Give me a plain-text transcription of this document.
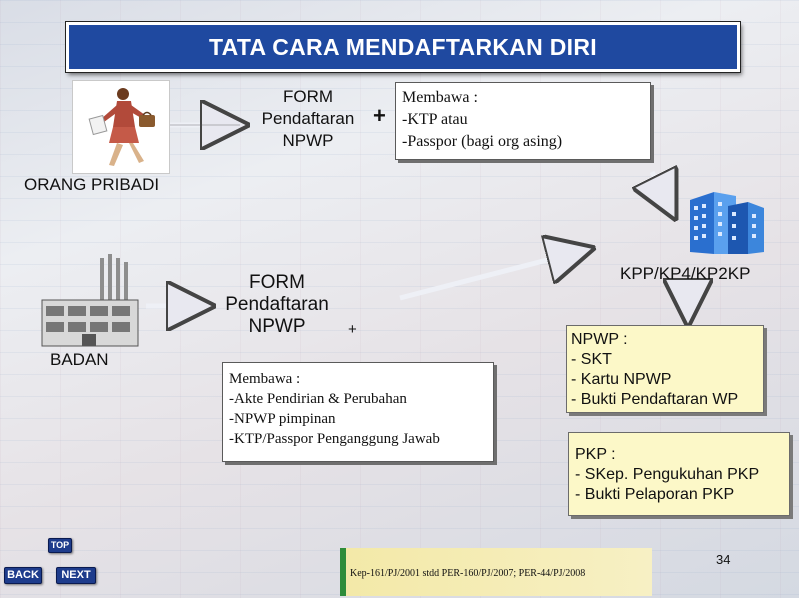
TATA CARA MENDAFTARKAN DIRI
FORM
Pendaftaran
NPWP
+
Membawa :
-KTP atau
-Passpor (bagi org asing)
ORANG PRIBADI
KPP/KP4/KP2KP
BADAN
FORM
Pendaftaran
NPWP	+
Membawa :
-Akte Pendirian & Perubahan
-NPWP pimpinan
-KTP/Passpor Penganggung Jawab
NPWP :
- SKT
- Kartu NPWP
- Bukti Pendaftaran WP
PKP :
- SKep. Pengukuhan PKP
- Bukti Pelaporan PKP
34
Kep-161/PJ/2001 stdd PER-160/PJ/2007; PER-44/PJ/2008
TOP
BACK	NEXT
